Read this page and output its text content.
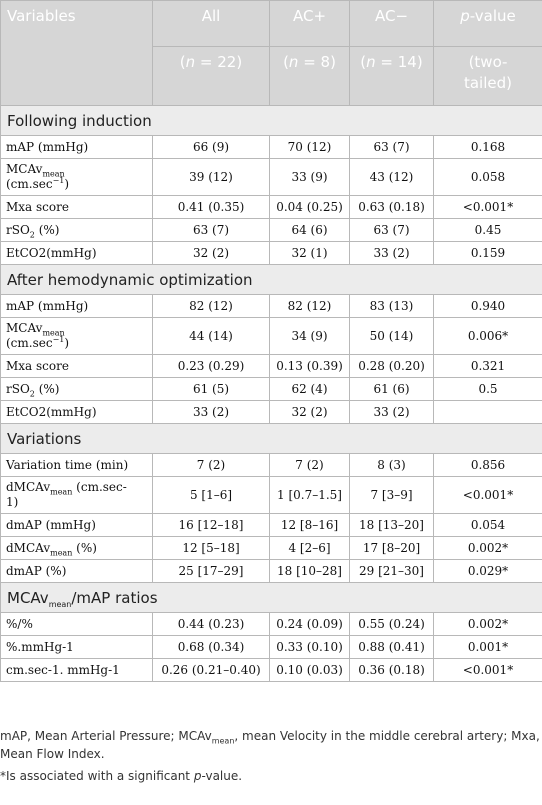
Variables	All	AC+	AC−	p-value
	(n = 22)	(n = 8)	(n = 14)	(two-
tailed)
Following induction				
mAP (mmHg)	66 (9)	70 (12)	63 (7)	0.168
MCAv$_{mean}$
$(cm.\sec^{-1})$	39 (12)	33 (9)	43 (12)	0.058
Mxa score	0.41 (0.35)	0.04 (0.25)	0.63 (0.18)	<0.001*
rSO$_2$ (%)	63 (7)	64 (6)	63 (7)	0.45
EtCO2(mmHg)	32 (2)	32 (1)	33 (2)	0.159
After hemodynamic optimization				
mAP (mmHg)	82 (12)	82 (12)	83 (13)	0.940
MCAv$_{mean}$
$(cm.\sec^{-1})$	44 (14)	34 (9)	50 (14)	0.006*
Mxa score	0.23 (0.29)	0.13 (0.39)	0.28 (0.20)	0.321
rSO$_2$ (%)	61 (5)	62 (4)	61 (6)	0.5
EtCO2(mmHg)	33 (2)	32 (2)	33 (2)	
Variations				
Variation time (min)	7 (2)	7 (2)	8 (3)	0.856
dMCAv$_{mean}$ (cm.sec-
1)	5 [1–6]	1 [0.7–1.5]	7 [3–9]	<0.001*
dmAP (mmHg)	16 [12–18]	12 [8–16]	18 [13–20]	0.054
dMCAv$_{mean}$ (%)	12 [5–18]	4 [2–6]	17 [8–20]	0.002*
dmAP (%)	25 [17–29]	18 [10–28]	29 [21–30]	0.029*
MCAv$_{mean}$/mAP ratios				
%/%	0.44 (0.23)	0.24 (0.09)	0.55 (0.24)	0.002*
%.mmHg-1	0.68 (0.34)	0.33 (0.10)	0.88 (0.41)	0.001*
cm.sec-1. mmHg-1	0.26 (0.21–0.40)	0.10 (0.03)	0.36 (0.18)	<0.001*

mAP, Mean Arterial Pressure; MCAv$_{mean}$, mean Velocity in the middle cerebral artery; Mxa, Mean Flow Index.

*Is associated with a significant p-value.
